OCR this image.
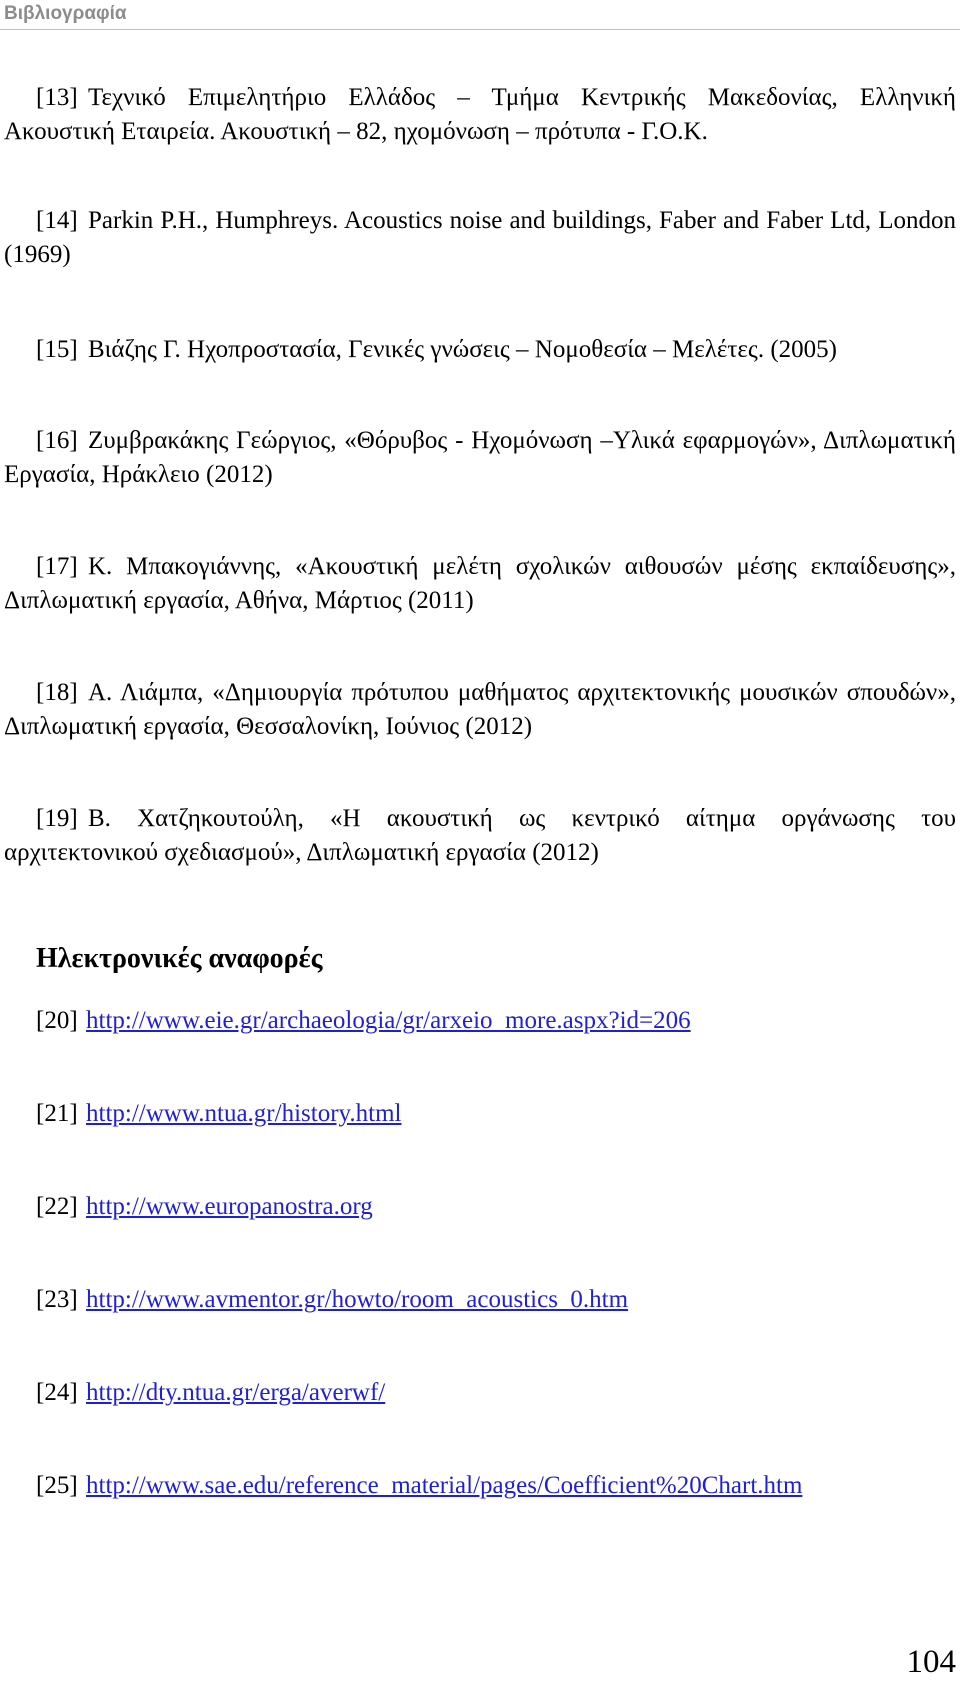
Βιβλιογραφία
[13] Τεχνικό Επιμελητήριο Ελλάδος – Τμήμα Κεντρικής Μακεδονίας, Ελληνική Ακουστική Εταιρεία. Ακουστική – 82, ηχομόνωση – πρότυπα - Γ.Ο.Κ.
[14] Parkin P.H., Humphreys. Acoustics noise and buildings, Faber and Faber Ltd, London (1969)
[15] Βιάζης Γ. Ηχοπροστασία, Γενικές γνώσεις – Νομοθεσία – Μελέτες. (2005)
[16] Ζυμβρακάκης Γεώργιος, «Θόρυβος - Ηχομόνωση –Υλικά εφαρμογών», Διπλωματική Εργασία, Ηράκλειο (2012)
[17] Κ. Μπακογιάννης, «Ακουστική μελέτη σχολικών αιθουσών μέσης εκπαίδευσης», Διπλωματική εργασία, Αθήνα, Μάρτιος (2011)
[18] Α. Λιάμπα, «Δημιουργία πρότυπου μαθήματος αρχιτεκτονικής μουσικών σπουδών», Διπλωματική εργασία, Θεσσαλονίκη, Ιούνιος (2012)
[19] Β. Χατζηκουτούλη, «Η ακουστική ως κεντρικό αίτημα οργάνωσης του αρχιτεκτονικού σχεδιασμού», Διπλωματική εργασία (2012)
Ηλεκτρονικές αναφορές
[20] http://www.eie.gr/archaeologia/gr/arxeio_more.aspx?id=206
[21] http://www.ntua.gr/history.html
[22] http://www.europanostra.org
[23] http://www.avmentor.gr/howto/room_acoustics_0.htm
[24] http://dty.ntua.gr/erga/averwf/
[25] http://www.sae.edu/reference_material/pages/Coefficient%20Chart.htm
104
